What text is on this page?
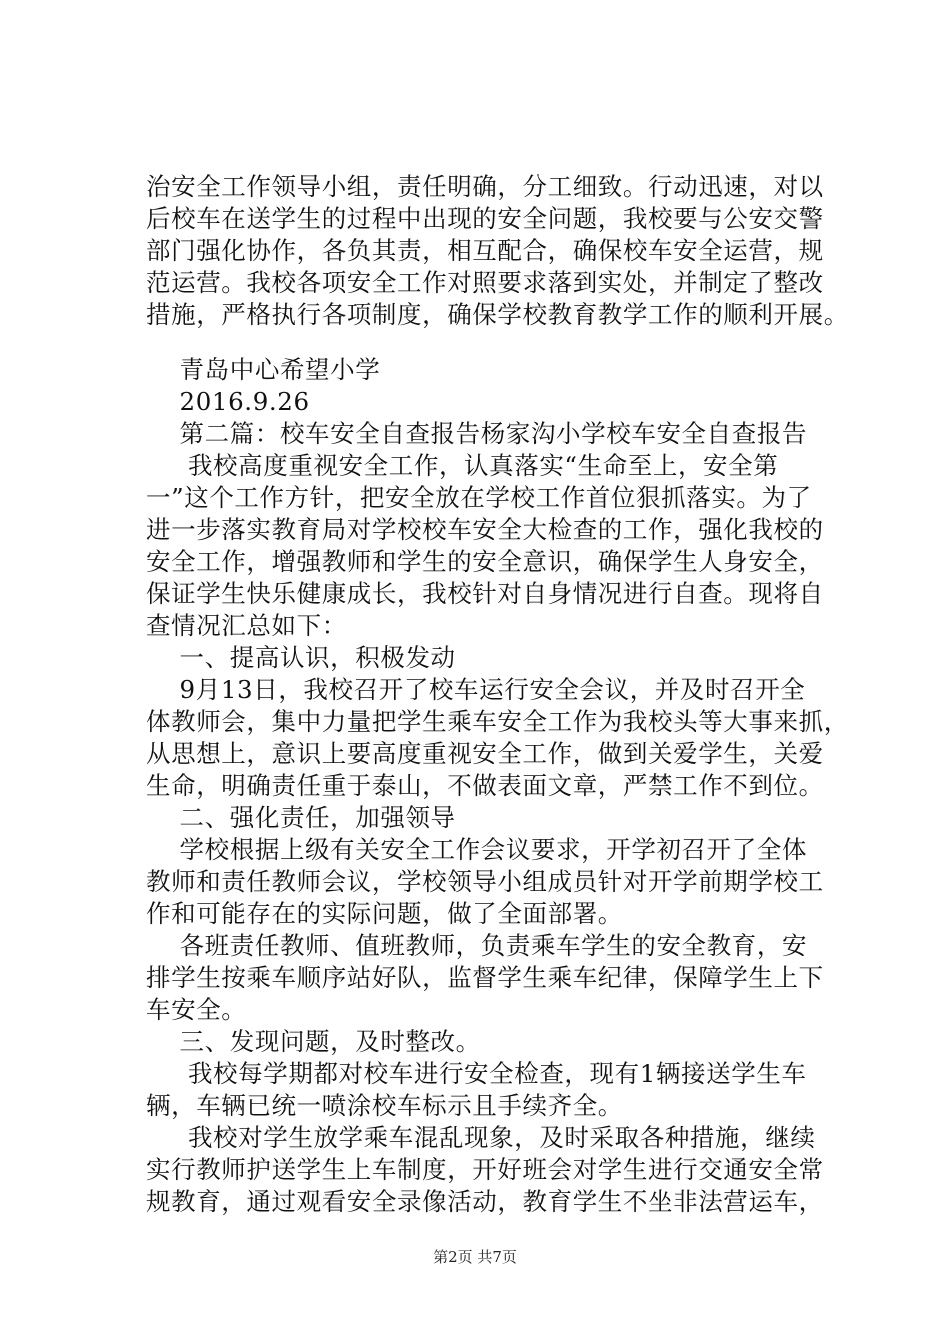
治安全工作领导小组，责任明确，分工细致。行动迅速，对以
后校车在送学生的过程中出现的安全问题，我校要与公安交警
部门强化协作，各负其责，相互配合，确保校车安全运营，规
范运营。我校各项安全工作对照要求落到实处，并制定了整改
措施，严格执行各项制度，确保学校教育教学工作的顺利开展。
青岛中心希望小学
2016.9.26
第二篇：校车安全自查报告杨家沟小学校车安全自查报告
我校高度重视安全工作，认真落实“生命至上，安全第
一”这个工作方针，把安全放在学校工作首位狠抓落实。为了
进一步落实教育局对学校校车安全大检查的工作，强化我校的
安全工作，增强教师和学生的安全意识，确保学生人身安全，
保证学生快乐健康成长，我校针对自身情况进行自查。现将自
查情况汇总如下：
一、提高认识，积极发动
9月13日，我校召开了校车运行安全会议，并及时召开全
体教师会，集中力量把学生乘车安全工作为我校头等大事来抓，
从思想上，意识上要高度重视安全工作，做到关爱学生，关爱
生命，明确责任重于泰山，不做表面文章，严禁工作不到位。
二、强化责任，加强领导
学校根据上级有关安全工作会议要求，开学初召开了全体
教师和责任教师会议，学校领导小组成员针对开学前期学校工
作和可能存在的实际问题，做了全面部署。
各班责任教师、值班教师，负责乘车学生的安全教育，安
排学生按乘车顺序站好队，监督学生乘车纪律，保障学生上下
车安全。
三、发现问题，及时整改。
我校每学期都对校车进行安全检查，现有1辆接送学生车
辆，车辆已统一喷涂校车标示且手续齐全。
我校对学生放学乘车混乱现象，及时采取各种措施，继续
实行教师护送学生上车制度，开好班会对学生进行交通安全常
规教育，通过观看安全录像活动，教育学生不坐非法营运车，
第2页 共7页
